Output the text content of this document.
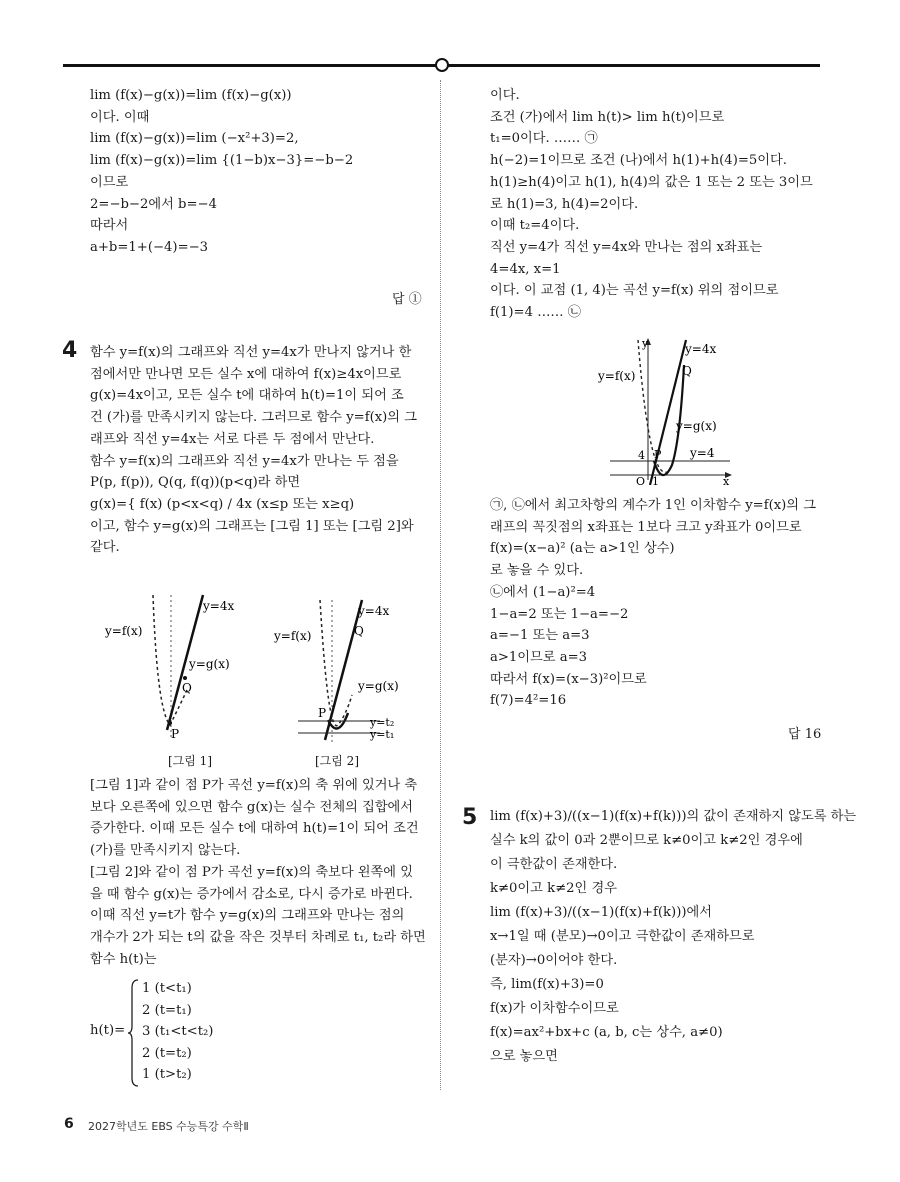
lim (f(x)−g(x))=lim (f(x)−g(x))

이다. 이때

lim (f(x)−g(x))=lim (−x²+3)=2,

lim (f(x)−g(x))=lim {(1−b)x−3}=−b−2

이므로

2=−b−2에서 b=−4

따라서

a+b=1+(−4)=−3

답 ①
4 함수 y=f(x)의 그래프와 직선 y=4x가 만나지 않거나 한

점에서만 만나면 모든 실수 x에 대하여 f(x)≥4x이므로

g(x)=4x이고, 모든 실수 t에 대하여 h(t)=1이 되어 조

건 (가)를 만족시키지 않는다. 그러므로 함수 y=f(x)의 그

래프와 직선 y=4x는 서로 다른 두 점에서 만난다.

함수 y=f(x)의 그래프와 직선 y=4x가 만나는 두 점을

P(p, f(p)), Q(q, f(q))(p<q)라 하면

g(x)={ f(x) (p<x<q) / 4x (x≤p 또는 x≥q)

이고, 함수 y=g(x)의 그래프는 [그림 1] 또는 [그림 2]와

같다.

y=f(x)
y=4x
y=g(x)
Q
P
[그림 1]
y=f(x)
y=4x
Q
y=g(x)
P
y=t₂
y=t₁
[그림 2]

[그림 1]과 같이 점 P가 곡선 y=f(x)의 축 위에 있거나 축

보다 오른쪽에 있으면 함수 g(x)는 실수 전체의 집합에서

증가한다. 이때 모든 실수 t에 대하여 h(t)=1이 되어 조건

(가)를 만족시키지 않는다.

[그림 2]와 같이 점 P가 곡선 y=f(x)의 축보다 왼쪽에 있

을 때 함수 g(x)는 증가에서 감소로, 다시 증가로 바뀐다.

이때 직선 y=t가 함수 y=g(x)의 그래프와 만나는 점의

개수가 2가 되는 t의 값을 작은 것부터 차례로 t₁, t₂라 하면

함수 h(t)는

h(t)=

1 (t<t₁)

2 (t=t₁)

3 (t₁<t<t₂)

2 (t=t₂)

1 (t>t₂)

이다.

조건 (가)에서 lim h(t)> lim h(t)이므로

t₁=0이다. …… ㉠

h(−2)=1이므로 조건 (나)에서 h(1)+h(4)=5이다.

h(1)≥h(4)이고 h(1), h(4)의 값은 1 또는 2 또는 3이므

로 h(1)=3, h(4)=2이다.

이때 t₂=4이다.

직선 y=4가 직선 y=4x와 만나는 점의 x좌표는

4=4x, x=1

이다. 이 교점 (1, 4)는 곡선 y=f(x) 위의 점이므로

f(1)=4 …… ㉡

y	y=4x
y=f(x)	Q
y=g(x)
4 P y=4
O 1	x

㉠, ㉡에서 최고차항의 계수가 1인 이차함수 y=f(x)의 그

래프의 꼭짓점의 x좌표는 1보다 크고 y좌표가 0이므로

f(x)=(x−a)² (a는 a>1인 상수)

로 놓을 수 있다.

㉡에서 (1−a)²=4

1−a=2 또는 1−a=−2

a=−1 또는 a=3

a>1이므로 a=3

따라서 f(x)=(x−3)²이므로

f(7)=4²=16

답 16
5 lim (f(x)+3)/((x−1)(f(x)+f(k)))의 값이 존재하지 않도록 하는

실수 k의 값이 0과 2뿐이므로 k≠0이고 k≠2인 경우에

이 극한값이 존재한다.

k≠0이고 k≠2인 경우

lim (f(x)+3)/((x−1)(f(x)+f(k)))에서

x→1일 때 (분모)→0이고 극한값이 존재하므로

(분자)→0이어야 한다.

즉, lim(f(x)+3)=0

f(x)가 이차함수이므로

f(x)=ax²+bx+c (a, b, c는 상수, a≠0)

으로 놓으면

6 2027학년도 EBS 수능특강 수학Ⅱ
